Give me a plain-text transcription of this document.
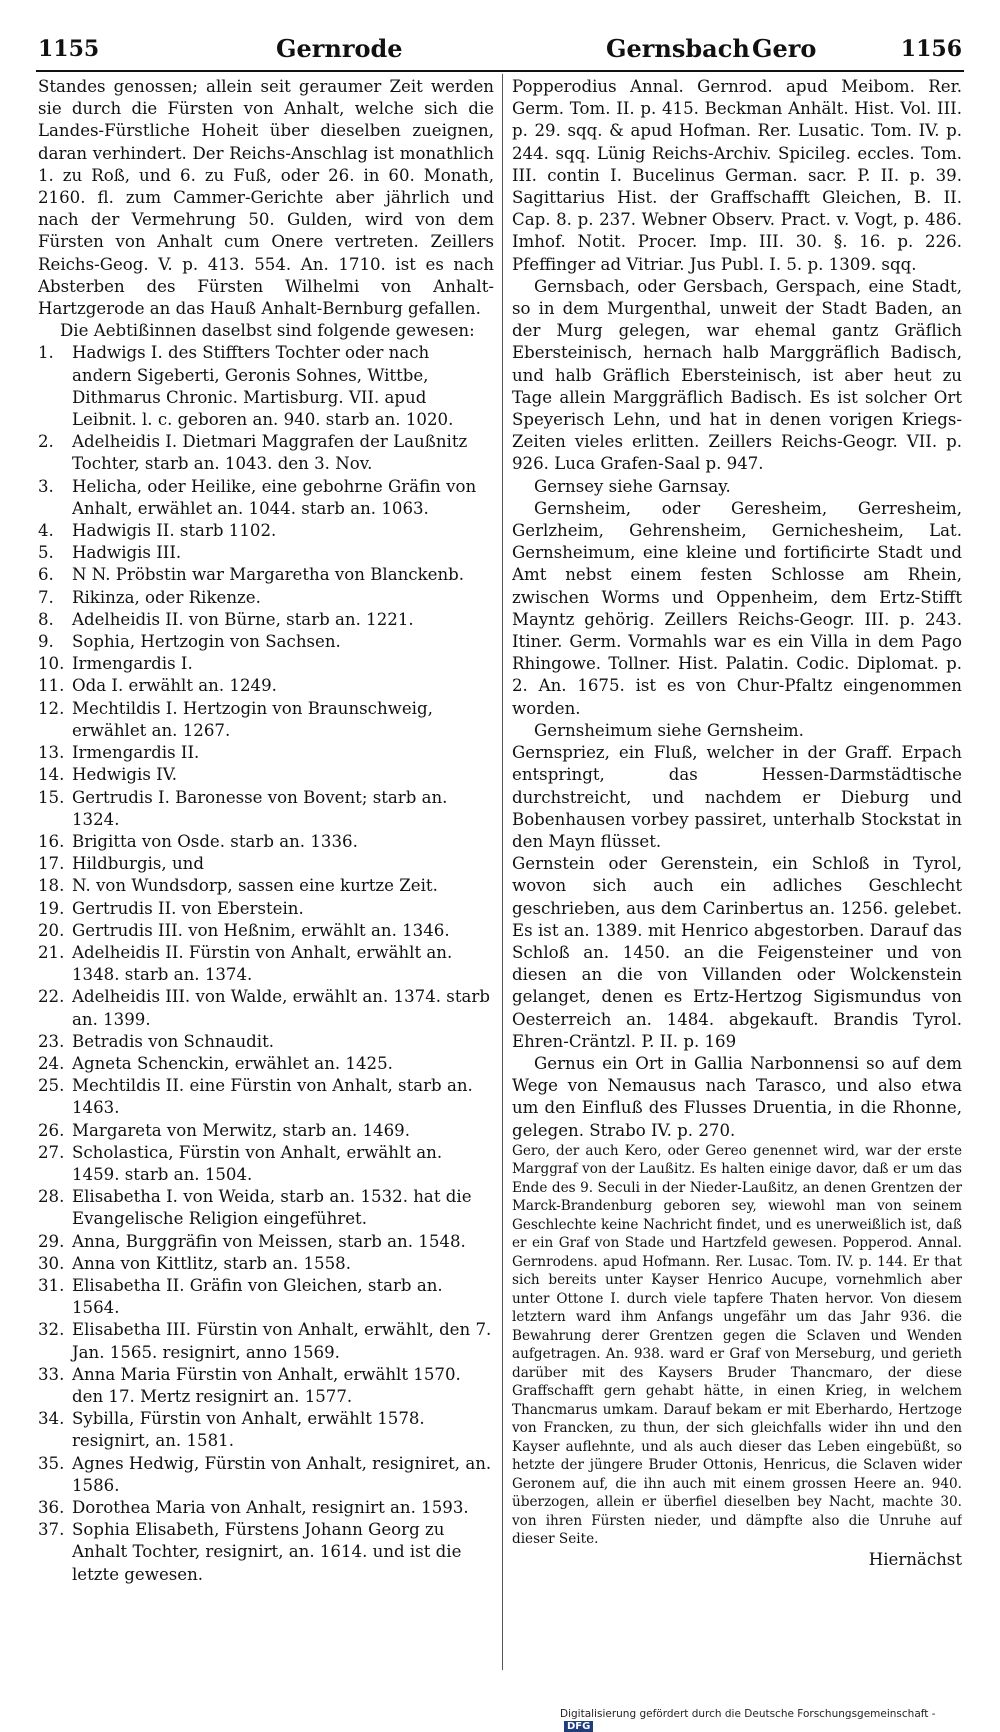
1155	Gernrode	Gernsbach Gero	1156

Standes genossen; allein seit geraumer Zeit werden sie durch die Fürsten von Anhalt, welche sich die Landes-Fürstliche Hoheit über dieselben zueignen, daran verhindert. Der Reichs-Anschlag ist monathlich 1. zu Roß, und 6. zu Fuß, oder 26. in 60. Monath, 2160. fl. zum Cammer-Gerichte aber jährlich und nach der Vermehrung 50. Gulden, wird von dem Fürsten von Anhalt cum Onere vertreten. Zeillers Reichs-Geog. V. p. 413. 554. An. 1710. ist es nach Absterben des Fürsten Wilhelmi von Anhalt-Hartzgerode an das Hauß Anhalt-Bernburg gefallen.

Die Aebtißinnen daselbst sind folgende gewesen:

1.	Hadwigs I. des Stiffters Tochter oder nach andern Sigeberti, Geronis Sohnes, Wittbe, Dithmarus Chronic. Martisburg. VII. apud Leibnit. l. c. geboren an. 940. starb an. 1020.
2.	Adelheidis I. Dietmari Maggrafen der Laußnitz Tochter, starb an. 1043. den 3. Nov.
3.	Helicha, oder Heilike, eine gebohrne Gräfin von Anhalt, erwählet an. 1044. starb an. 1063.
4.	Hadwigis II. starb 1102.
5.	Hadwigis III.
6.	N N. Pröbstin war Margaretha von Blanckenb.
7.	Rikinza, oder Rikenze.
8.	Adelheidis II. von Bürne, starb an. 1221.
9.	Sophia, Hertzogin von Sachsen.
10. Irmengardis I.
11. Oda I. erwählt an. 1249.
12. Mechtildis I. Hertzogin von Braunschweig, erwählet an. 1267.
13. Irmengardis II.
14. Hedwigis IV.
15. Gertrudis I. Baronesse von Bovent; starb an. 1324.
16. Brigitta von Osde. starb an. 1336.
17. Hildburgis, und
18. N. von Wundsdorp, sassen eine kurtze Zeit.
19. Gertrudis II. von Eberstein.
20. Gertrudis III. von Heßnim, erwählt an. 1346.
21. Adelheidis II. Fürstin von Anhalt, erwählt an. 1348. starb an. 1374.
22. Adelheidis III. von Walde, erwählt an. 1374. starb an. 1399.
23. Betradis von Schnaudit.
24. Agneta Schenckin, erwählet an. 1425.
25. Mechtildis II. eine Fürstin von Anhalt, starb an. 1463.
26. Margareta von Merwitz, starb an. 1469.
27. Scholastica, Fürstin von Anhalt, erwählt an. 1459. starb an. 1504.
28. Elisabetha I. von Weida, starb an. 1532. hat die Evangelische Religion eingeführet.
29. Anna, Burggräfin von Meissen, starb an. 1548.
30. Anna von Kittlitz, starb an. 1558.
31. Elisabetha II. Gräfin von Gleichen, starb an. 1564.
32. Elisabetha III. Fürstin von Anhalt, erwählt, den 7. Jan. 1565. resignirt, anno 1569.
33. Anna Maria Fürstin von Anhalt, erwählt 1570. den 17. Mertz resignirt an. 1577.
34. Sybilla, Fürstin von Anhalt, erwählt 1578. resignirt, an. 1581.
35. Agnes Hedwig, Fürstin von Anhalt, resigniret, an. 1586.
36. Dorothea Maria von Anhalt, resignirt an. 1593.
37. Sophia Elisabeth, Fürstens Johann Georg zu Anhalt Tochter, resignirt, an. 1614. und ist die letzte gewesen.

Popperodius Annal. Gernrod. apud Meibom. Rer. Germ. Tom. II. p. 415. Beckman Anhält. Hist. Vol. III. p. 29. sqq. & apud Hofman. Rer. Lusatic. Tom. IV. p. 244. sqq. Lünig Reichs-Archiv. Spicileg. eccles. Tom. III. contin I. Bucelinus German. sacr. P. II. p. 39. Sagittarius Hist. der Graffschafft Gleichen, B. II. Cap. 8. p. 237. Webner Observ. Pract. v. Vogt, p. 486. Imhof. Notit. Procer. Imp. III. 30. §. 16. p. 226. Pfeffinger ad Vitriar. Jus Publ. I. 5. p. 1309. sqq.

Gernsbach, oder Gersbach, Gerspach, eine Stadt, so in dem Murgenthal, unweit der Stadt Baden, an der Murg gelegen, war ehemal gantz Gräflich Ebersteinisch, hernach halb Marggräflich Badisch, und halb Gräflich Ebersteinisch, ist aber heut zu Tage allein Marggräflich Badisch. Es ist solcher Ort Speyerisch Lehn, und hat in denen vorigen Kriegs-Zeiten vieles erlitten. Zeillers Reichs-Geogr. VII. p. 926. Luca Grafen-Saal p. 947.

Gernsey siehe Garnsay.

Gernsheim, oder Geresheim, Gerresheim, Gerlzheim, Gehrensheim, Gernichesheim, Lat. Gernsheimum, eine kleine und fortificirte Stadt und Amt nebst einem festen Schlosse am Rhein, zwischen Worms und Oppenheim, dem Ertz-Stifft Mayntz gehörig. Zeillers Reichs-Geogr. III. p. 243. Itiner. Germ. Vormahls war es ein Villa in dem Pago Rhingowe. Tollner. Hist. Palatin. Codic. Diplomat. p. 2. An. 1675. ist es von Chur-Pfaltz eingenommen worden.

Gernsheimum siehe Gernsheim.

Gernspriez, ein Fluß, welcher in der Graff. Erpach entspringt, das Hessen-Darmstädtische durchstreicht, und nachdem er Dieburg und Bobenhausen vorbey passiret, unterhalb Stockstat in den Mayn flüsset.

Gernstein oder Gerenstein, ein Schloß in Tyrol, wovon sich auch ein adliches Geschlecht geschrieben, aus dem Carinbertus an. 1256. gelebet. Es ist an. 1389. mit Henrico abgestorben. Darauf das Schloß an. 1450. an die Feigensteiner und von diesen an die von Villanden oder Wolckenstein gelanget, denen es Ertz-Hertzog Sigismundus von Oesterreich an. 1484. abgekauft. Brandis Tyrol. Ehren-Cräntzl. P. II. p. 169

Gernus ein Ort in Gallia Narbonnensi so auf dem Wege von Nemausus nach Tarasco, und also etwa um den Einfluß des Flusses Druentia, in die Rhonne, gelegen. Strabo IV. p. 270.

Gero, der auch Kero, oder Gereo genennet wird, war der erste Marggraf von der Laußitz. Es halten einige davor, daß er um das Ende des 9. Seculi in der Nieder-Laußitz, an denen Grentzen der Marck-Brandenburg geboren sey, wiewohl man von seinem Geschlechte keine Nachricht findet, und es unerweißlich ist, daß er ein Graf von Stade und Hartzfeld gewesen. Popperod. Annal. Gernrodens. apud Hofmann. Rer. Lusac. Tom. IV. p. 144. Er that sich bereits unter Kayser Henrico Aucupe, vornehmlich aber unter Ottone I. durch viele tapfere Thaten hervor. Von diesem letztern ward ihm Anfangs ungefähr um das Jahr 936. die Bewahrung derer Grentzen gegen die Sclaven und Wenden aufgetragen. An. 938. ward er Graf von Merseburg, und gerieth darüber mit des Kaysers Bruder Thancmaro, der diese Graffschafft gern gehabt hätte, in einen Krieg, in welchem Thancmarus umkam. Darauf bekam er mit Eberhardo, Hertzoge von Francken, zu thun, der sich gleichfalls wider ihn und den Kayser auflehnte, und als auch dieser das Leben eingebüßt, so hetzte der jüngere Bruder Ottonis, Henricus, die Sclaven wider Geronem auf, die ihn auch mit einem grossen Heere an. 940. überzogen, allein er überfiel dieselben bey Nacht, machte 30. von ihren Fürsten nieder, und dämpfte also die Unruhe auf dieser Seite.

Hiernächst

Digitalisierung gefördert durch die Deutsche Forschungsgemeinschaft -DFG
